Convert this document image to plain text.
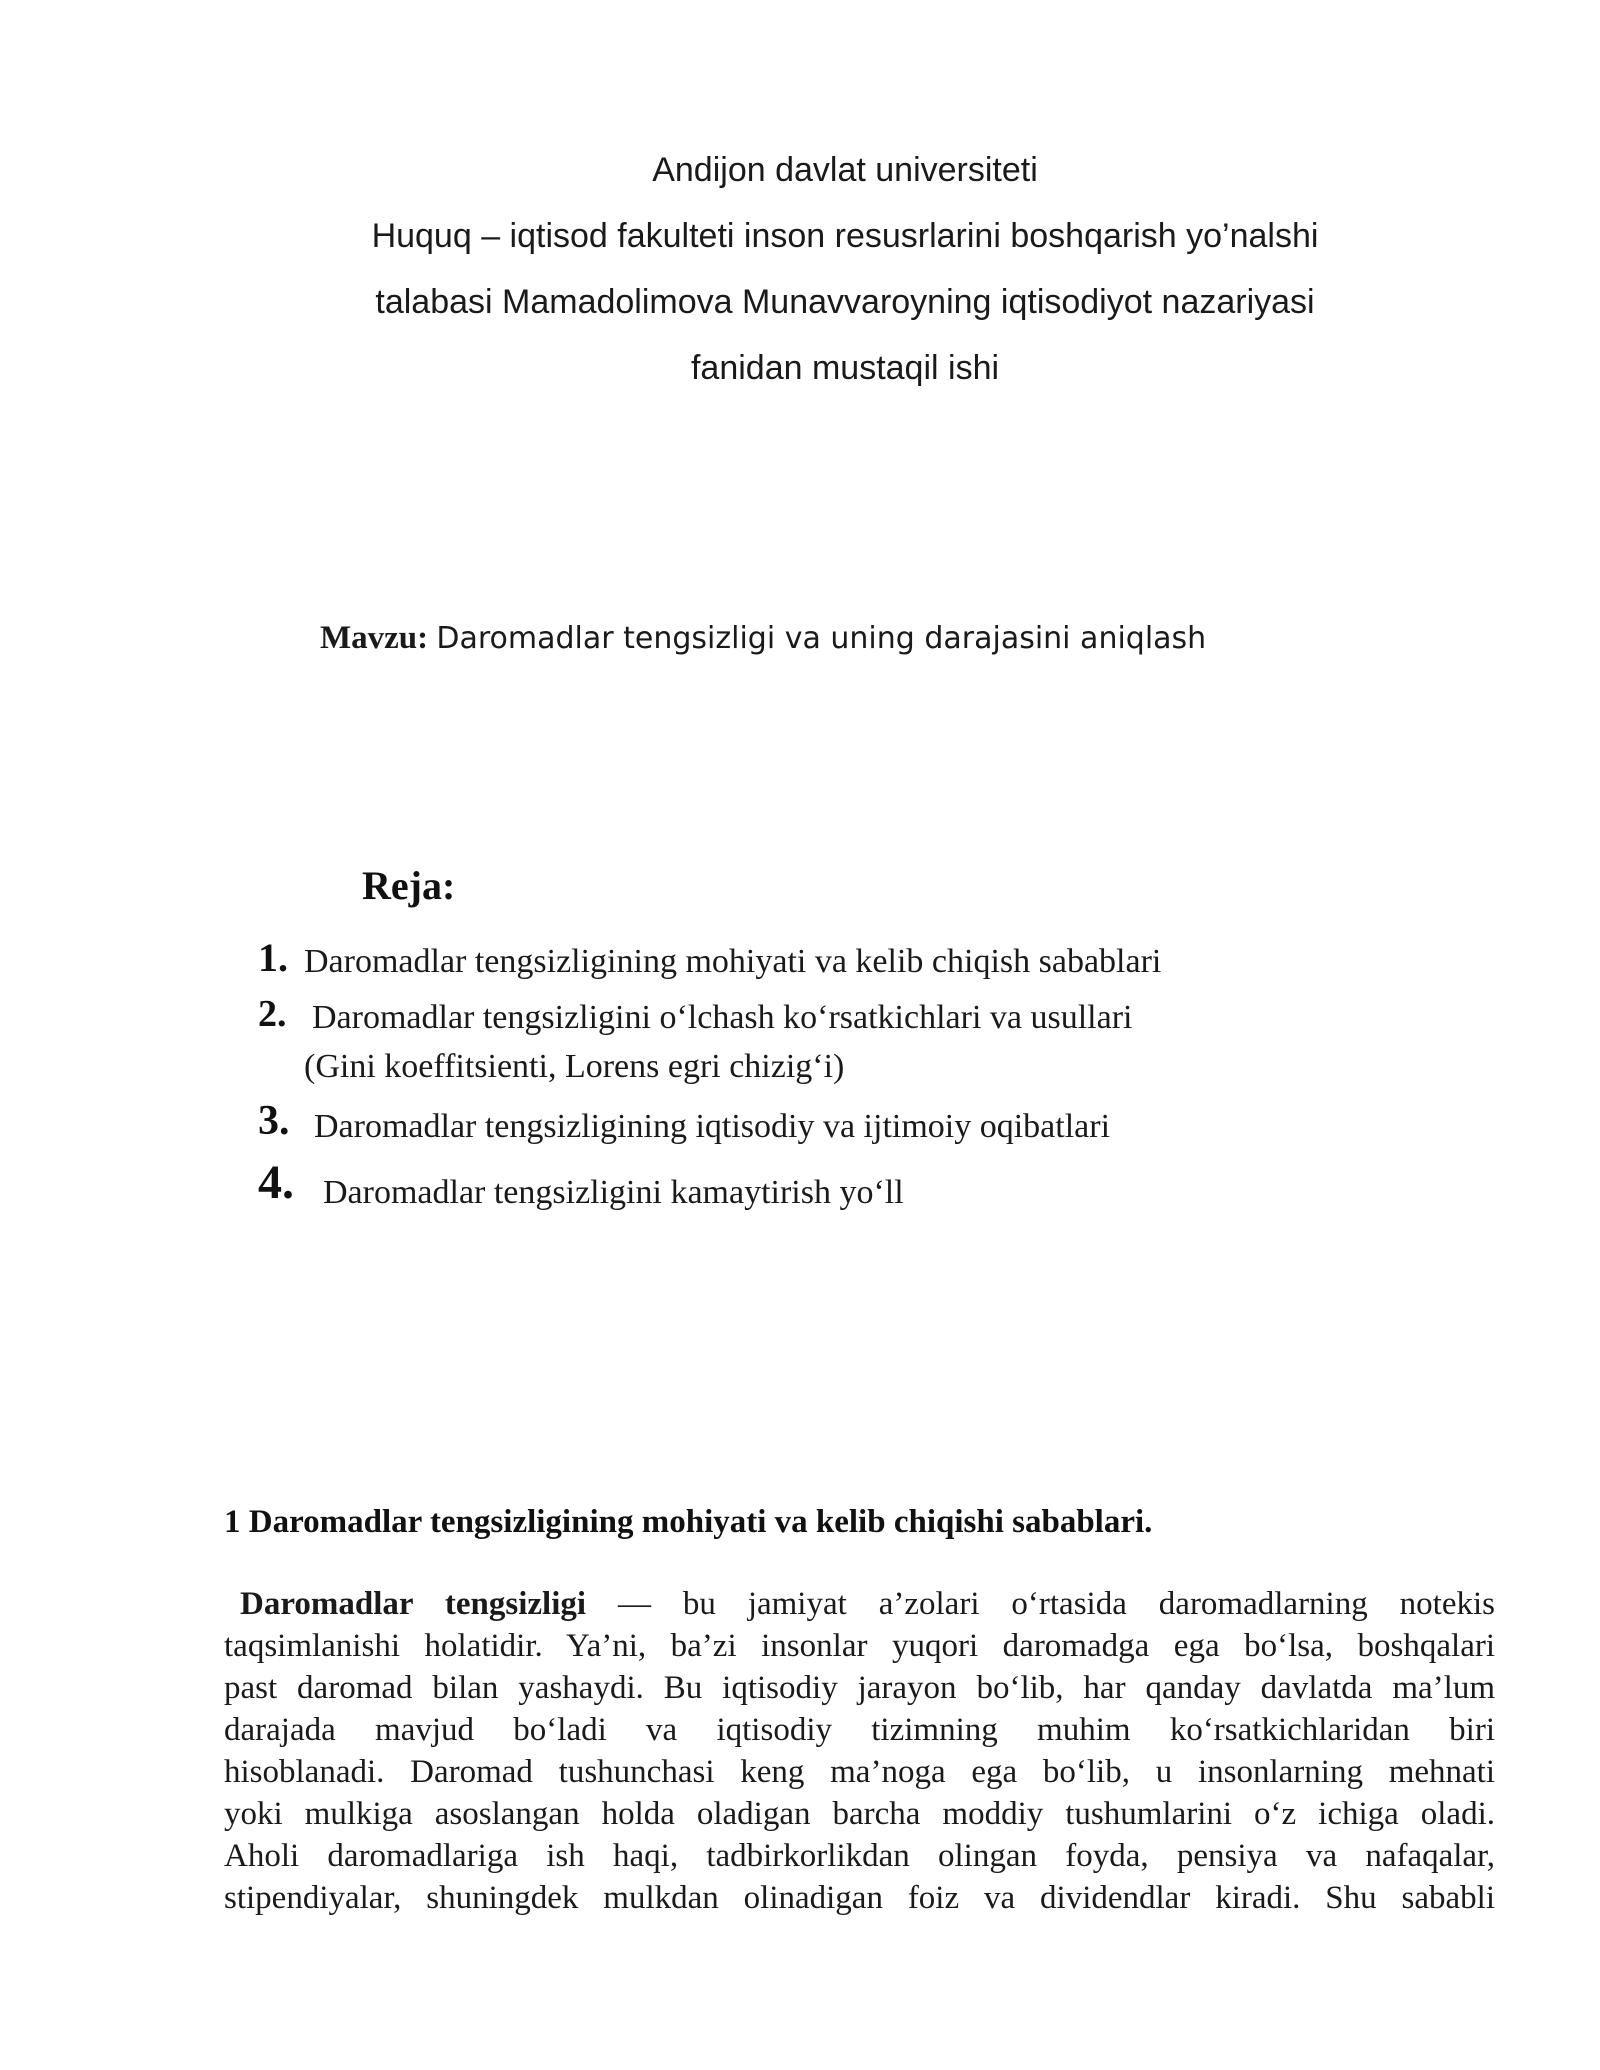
Andijon davlat universiteti
Huquq – iqtisod fakulteti inson resusrlarini boshqarish yo’nalshi
talabasi Mamadolimova Munavvaroyning iqtisodiyot nazariyasi
fanidan mustaqil ishi
Mavzu: Daromadlar tengsizligi va uning darajasini aniqlash
Reja:
1. Daromadlar tengsizligining mohiyati va kelib chiqish sabablari
2. Daromadlar tengsizligini o‘lchash ko‘rsatkichlari va usullari
(Gini koeffitsienti, Lorens egri chizig‘i)
3. Daromadlar tengsizligining iqtisodiy va ijtimoiy oqibatlari
4. Daromadlar tengsizligini kamaytirish yo‘ll
1 Daromadlar tengsizligining mohiyati va kelib chiqishi sabablari.
Daromadlar tengsizligi — bu jamiyat a’zolari o‘rtasida daromadlarning notekis
taqsimlanishi holatidir. Ya’ni, ba’zi insonlar yuqori daromadga ega bo‘lsa, boshqalari
past daromad bilan yashaydi. Bu iqtisodiy jarayon bo‘lib, har qanday davlatda ma’lum
darajada mavjud bo‘ladi va iqtisodiy tizimning muhim ko‘rsatkichlaridan biri
hisoblanadi. Daromad tushunchasi keng ma’noga ega bo‘lib, u insonlarning mehnati
yoki mulkiga asoslangan holda oladigan barcha moddiy tushumlarini o‘z ichiga oladi.
Aholi daromadlariga ish haqi, tadbirkorlikdan olingan foyda, pensiya va nafaqalar,
stipendiyalar, shuningdek mulkdan olinadigan foiz va dividendlar kiradi. Shu sababli
